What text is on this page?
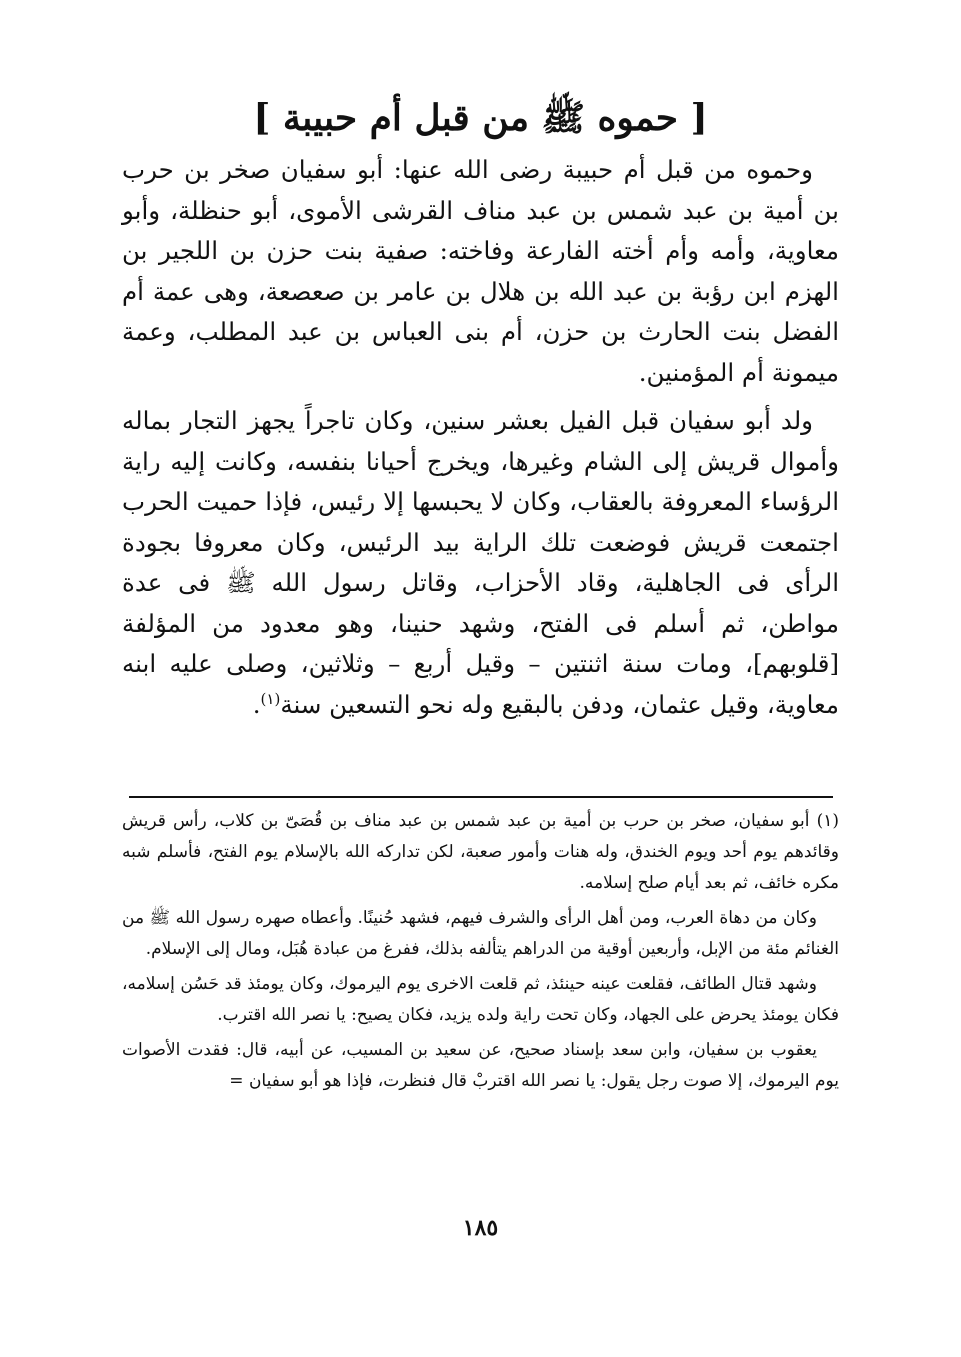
[ حموه ﷺ من قبل أم حبيبة ]

وحموه من قبل أم حبيبة رضى الله عنها: أبو سفيان صخر بن حرب بن أمية بن عبد شمس بن عبد مناف القرشى الأموى، أبو حنظلة، وأبو معاوية، وأمه وأم أخته الفارعة وفاخته: صفية بنت حزن بن اللجير بن الهزم ابن رؤبة بن عبد الله بن هلال بن عامر بن صعصعة، وهى عمة أم الفضل بنت الحارث بن حزن، أم بنى العباس بن عبد المطلب، وعمة ميمونة أم المؤمنين.

ولد أبو سفيان قبل الفيل بعشر سنين، وكان تاجراً يجهز التجار بماله وأموال قريش إلى الشام وغيرها، ويخرج أحيانا بنفسه، وكانت إليه راية الرؤساء المعروفة بالعقاب، وكان لا يحبسها إلا رئيس، فإذا حميت الحرب اجتمعت قريش فوضعت تلك الراية بيد الرئيس، وكان معروفا بجودة الرأى فى الجاهلية، وقاد الأحزاب، وقاتل رسول الله ﷺ فى عدة مواطن، ثم أسلم فى الفتح، وشهد حنينا، وهو معدود من المؤلفة [قلوبهم]، ومات سنة اثنتين – وقيل أربع – وثلاثين، وصلى عليه ابنه معاوية، وقيل عثمان، ودفن بالبقيع وله نحو التسعين سنة$^{(١)}$.

(١) أبو سفيان، صخر بن حرب بن أمية بن عبد شمس بن عبد مناف بن قُصَىّ بن كلاب، رأس قريش وقائدهم يوم أحد ويوم الخندق، وله هنات وأمور صعبة، لكن تداركه الله بالإسلام يوم الفتح، فأسلم شبه مكره خائف، ثم بعد أيام صلح إسلامه.

وكان من دهاة العرب، ومن أهل الرأى والشرف فيهم، فشهد حُنينًا. وأعطاه صهره رسول الله ﷺ من الغنائم مئة من الإبل، وأربعين أوقية من الدراهم يتألفه بذلك، ففرغ من عبادة هُبَل، ومال إلى الإسلام.

وشهد قتال الطائف، فقلعت عينه حينئذ، ثم قلعت الاخرى يوم اليرموك، وكان يومئذ قد حَسُن إسلامه، فكان يومئذ يحرض على الجهاد، وكان تحت راية ولده يزيد، فكان يصيح: يا نصر الله اقترب.

يعقوب بن سفيان، وابن سعد بإسناد صحيح، عن سعيد بن المسيب، عن أبيه، قال: فقدت الأصوات يوم اليرموك، إلا صوت رجل يقول: يا نصر الله اقتربْ قال فنظرت، فإذا هو أبو سفيان =

١٨٥
